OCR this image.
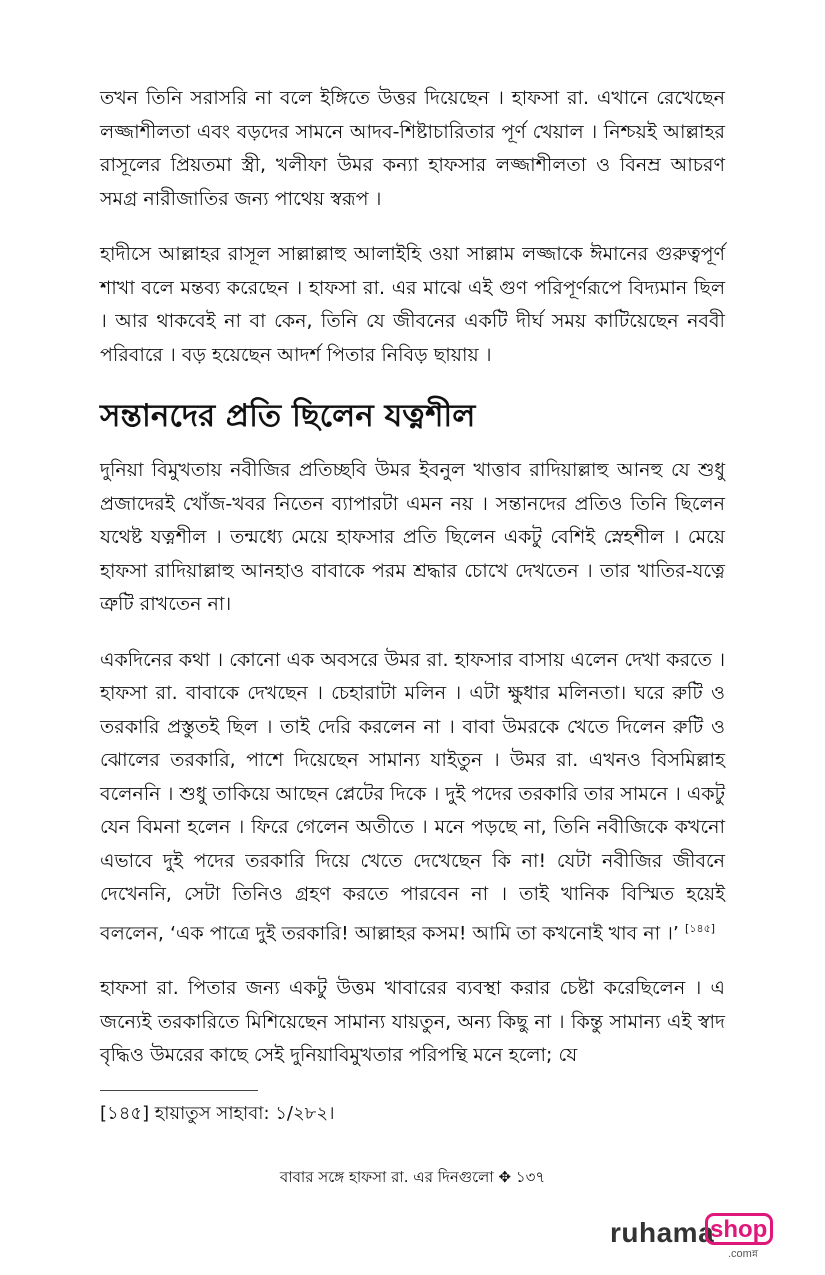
তখন তিনি সরাসরি না বলে ইঙ্গিতে উত্তর দিয়েছেন । হাফসা রা. এখানে রেখেছেন লজ্জাশীলতা এবং বড়দের সামনে আদব-শিষ্টাচারিতার পূর্ণ খেয়াল । নিশ্চয়ই আল্লাহর রাসূলের প্রিয়তমা স্ত্রী, খলীফা উমর কন্যা হাফসার লজ্জাশীলতা ও বিনম্র আচরণ সমগ্র নারীজাতির জন্য পাথেয় স্বরূপ ।

হাদীসে আল্লাহর রাসূল সাল্লাল্লাহু আলাইহি ওয়া সাল্লাম লজ্জাকে ঈমানের গুরুত্বপূর্ণ শাখা বলে মন্তব্য করেছেন । হাফসা রা. এর মাঝে এই গুণ পরিপূর্ণরূপে বিদ্যমান ছিল । আর থাকবেই না বা কেন, তিনি যে জীবনের একটি দীর্ঘ সময় কাটিয়েছেন নববী পরিবারে । বড় হয়েছেন আদর্শ পিতার নিবিড় ছায়ায় ।

সন্তানদের প্রতি ছিলেন যত্নশীল

দুনিয়া বিমুখতায় নবীজির প্রতিচ্ছবি উমর ইবনুল খাত্তাব রাদিয়াল্লাহু আনহু যে শুধু প্রজাদেরই খোঁজ-খবর নিতেন ব্যাপারটা এমন নয় । সন্তানদের প্রতিও তিনি ছিলেন যথেষ্ট যত্নশীল । তন্মধ্যে মেয়ে হাফসার প্রতি ছিলেন একটু বেশিই স্নেহশীল । মেয়ে হাফসা রাদিয়াল্লাহু আনহাও বাবাকে পরম শ্রদ্ধার চোখে দেখতেন । তার খাতির-যত্নে ত্রুটি রাখতেন না।

একদিনের কথা । কোনো এক অবসরে উমর রা. হাফসার বাসায় এলেন দেখা করতে । হাফসা রা. বাবাকে দেখছেন । চেহারাটা মলিন । এটা ক্ষুধার মলিনতা। ঘরে রুটি ও তরকারি প্রস্তুতই ছিল । তাই দেরি করলেন না । বাবা উমরকে খেতে দিলেন রুটি ও ঝোলের তরকারি, পাশে দিয়েছেন সামান্য যাইতুন । উমর রা. এখনও বিসমিল্লাহ বলেননি । শুধু তাকিয়ে আছেন প্লেটের দিকে । দুই পদের তরকারি তার সামনে । একটু যেন বিমনা হলেন । ফিরে গেলেন অতীতে । মনে পড়ছে না, তিনি নবীজিকে কখনো এভাবে দুই পদের তরকারি দিয়ে খেতে দেখেছেন কি না! যেটা নবীজির জীবনে দেখেননি, সেটা তিনিও গ্রহণ করতে পারবেন না । তাই খানিক বিস্মিত হয়েই বললেন, ‘এক পাত্রে দুই তরকারি! আল্লাহর কসম! আমি তা কখনোই খাব না ।’ [১৪৫]

হাফসা রা. পিতার জন্য একটু উত্তম খাবারের ব্যবস্থা করার চেষ্টা করেছিলেন । এ জন্যেই তরকারিতে মিশিয়েছেন সামান্য যায়তুন, অন্য কিছু না । কিন্তু সামান্য এই স্বাদ বৃদ্ধিও উমরের কাছে সেই দুনিয়াবিমুখতার পরিপন্থি মনে হলো; যে

[১৪৫] হায়াতুস সাহাবা: ১/২৮২।
বাবার সঙ্গে হাফসা রা. এর দিনগুলো ✥ ১৩৭
ruhama
shop
.comন্ন
